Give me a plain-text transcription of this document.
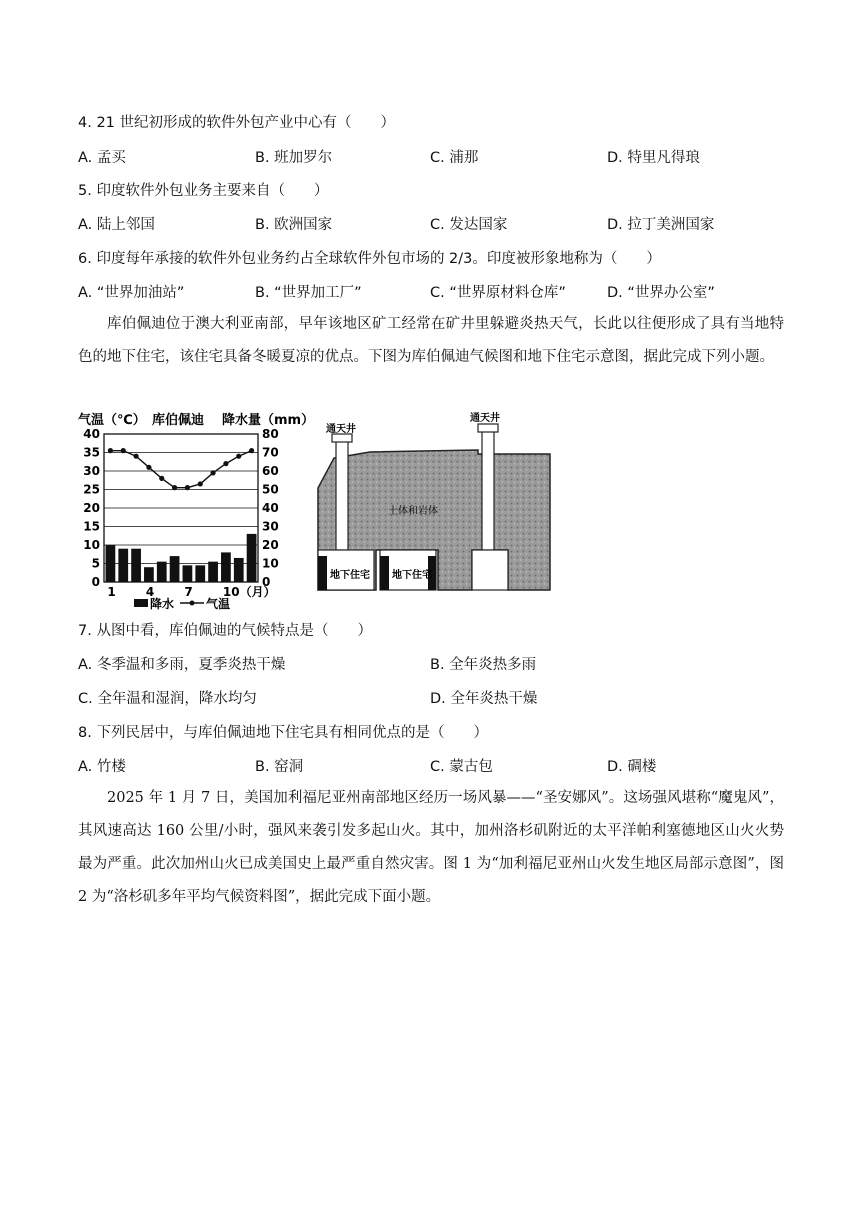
4. 21 世纪初形成的软件外包产业中心有（　　）
A. 孟买	B. 班加罗尔	C. 浦那	D. 特里凡得琅
5. 印度软件外包业务主要来自（　　）
A. 陆上邻国	B. 欧洲国家	C. 发达国家	D. 拉丁美洲国家
6. 印度每年承接的软件外包业务约占全球软件外包市场的 2/3。印度被形象地称为（　　）
A. “世界加油站”	B. “世界加工厂”	C. “世界原材料仓库”	D. “世界办公室”

库伯佩迪位于澳大利亚南部，早年该地区矿工经常在矿井里躲避炎热天气，长此以往便形成了具有当地特色的地下住宅，该住宅具备冬暖夏凉的优点。下图为库伯佩迪气候图和地下住宅示意图，据此完成下列小题。

气温（℃） 库伯佩迪 降水量（mm）
40
35
30
25
20
15
10
5
0
80
70
60
50
40
30
20
10
0
1	4	7	10（月）
降水	气温
通天井
通天井
土体和岩体
地下住宅 地下住宅
7. 从图中看，库伯佩迪的气候特点是（　　）
A. 冬季温和多雨，夏季炎热干燥	B. 全年炎热多雨
C. 全年温和湿润，降水均匀	D. 全年炎热干燥
8. 下列民居中，与库伯佩迪地下住宅具有相同优点的是（　　）
A. 竹楼	B. 窑洞	C. 蒙古包	D. 碉楼

2025 年 1 月 7 日，美国加利福尼亚州南部地区经历一场风暴——“圣安娜风”。这场强风堪称“魔鬼风”，其风速高达 160 公里/小时，强风来袭引发多起山火。其中，加州洛杉矶附近的太平洋帕利塞德地区山火火势最为严重。此次加州山火已成美国史上最严重自然灾害。图 1 为“加利福尼亚州山火发生地区局部示意图”，图 2 为“洛杉矶多年平均气候资料图”，据此完成下面小题。
